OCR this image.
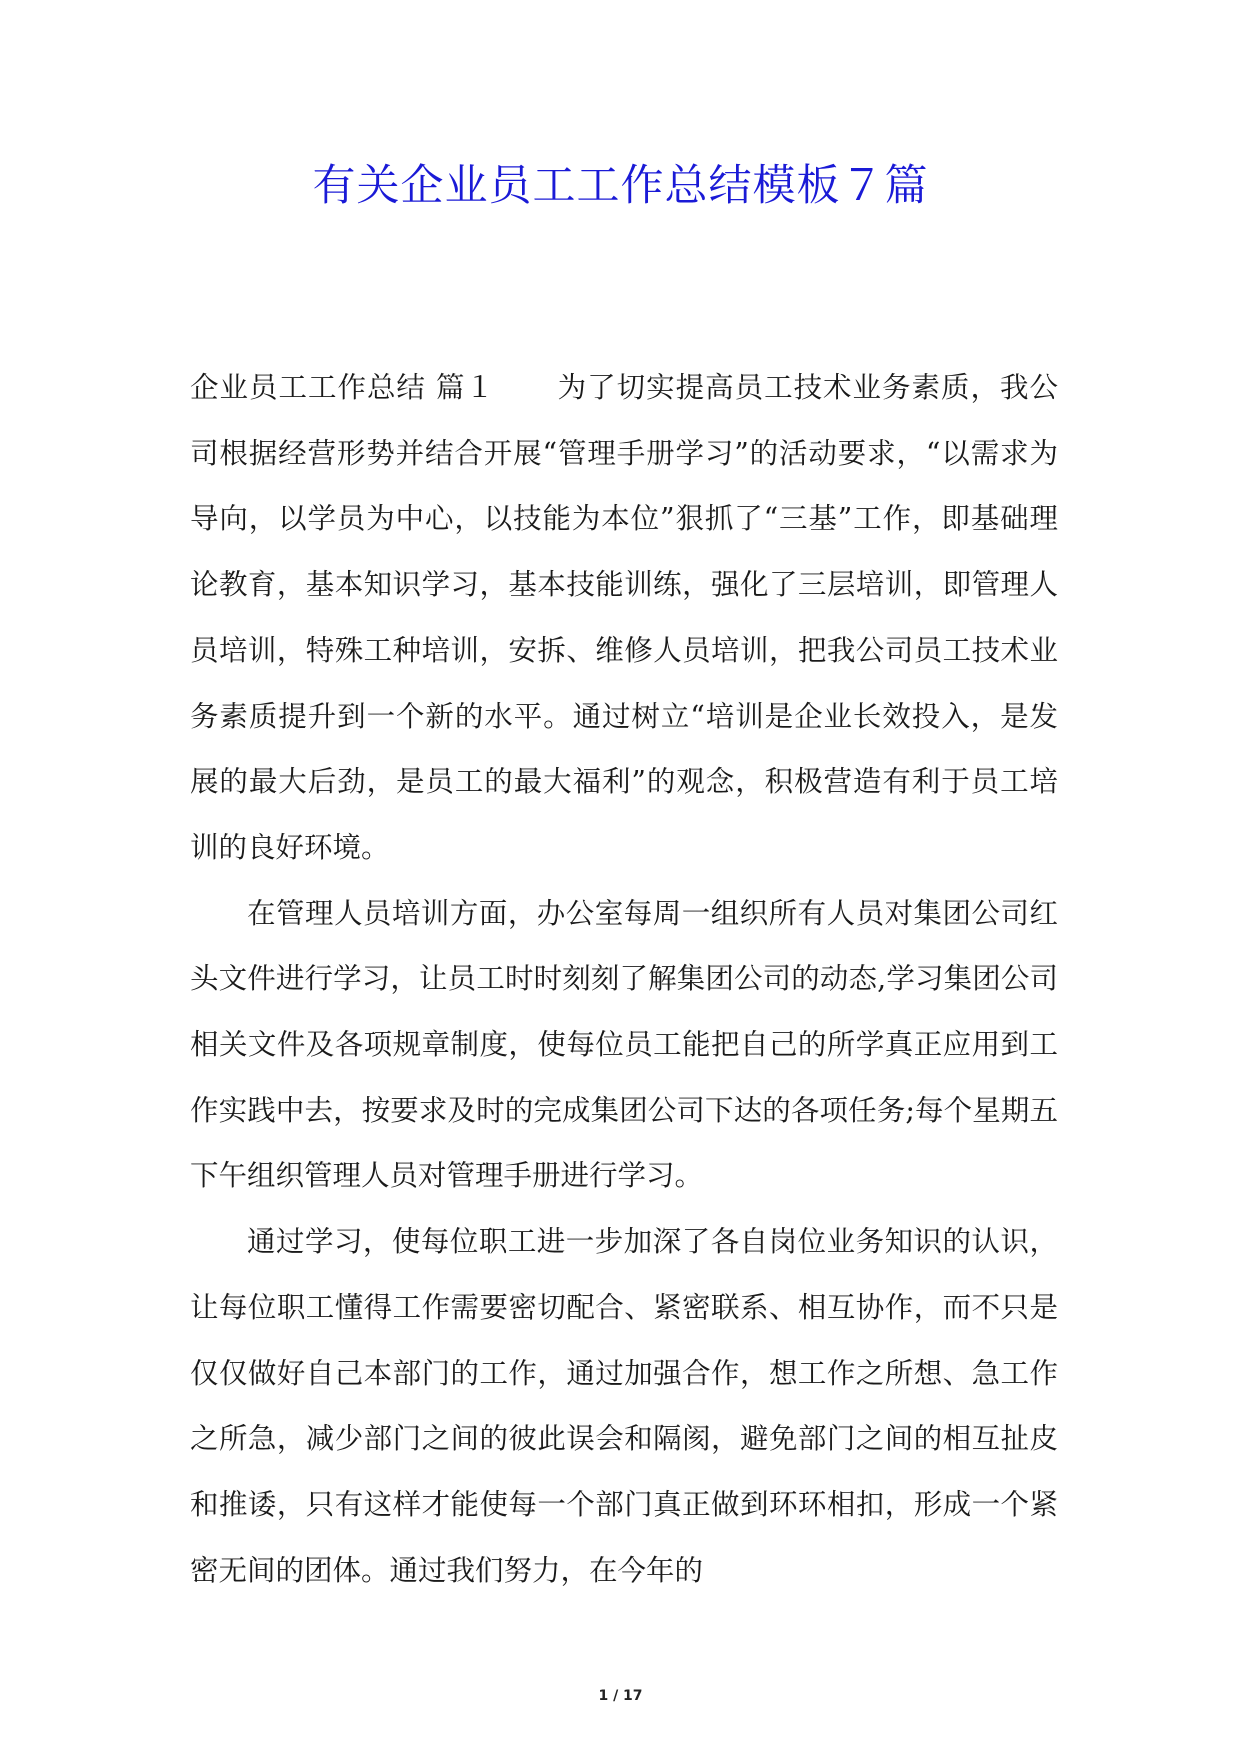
有关企业员工工作总结模板７篇

企业员工工作总结 篇１ 为了切实提高员工技术业务素质，我公司根据经营形势并结合开展“管理手册学习”的活动要求，“以需求为导向，以学员为中心，以技能为本位”狠抓了“三基”工作，即基础理论教育，基本知识学习，基本技能训练，强化了三层培训，即管理人员培训，特殊工种培训，安拆、维修人员培训，把我公司员工技术业务素质提升到一个新的水平。通过树立“培训是企业长效投入，是发展的最大后劲，是员工的最大福利”的观念，积极营造有利于员工培训的良好环境。

在管理人员培训方面，办公室每周一组织所有人员对集团公司红头文件进行学习，让员工时时刻刻了解集团公司的动态,学习集团公司相关文件及各项规章制度，使每位员工能把自己的所学真正应用到工作实践中去，按要求及时的完成集团公司下达的各项任务;每个星期五下午组织管理人员对管理手册进行学习。

通过学习，使每位职工进一步加深了各自岗位业务知识的认识，让每位职工懂得工作需要密切配合、紧密联系、相互协作，而不只是仅仅做好自己本部门的工作，通过加强合作，想工作之所想、急工作之所急，减少部门之间的彼此误会和隔阂，避免部门之间的相互扯皮和推诿，只有这样才能使每一个部门真正做到环环相扣，形成一个紧密无间的团体。通过我们努力，在今年的

1 / 17
